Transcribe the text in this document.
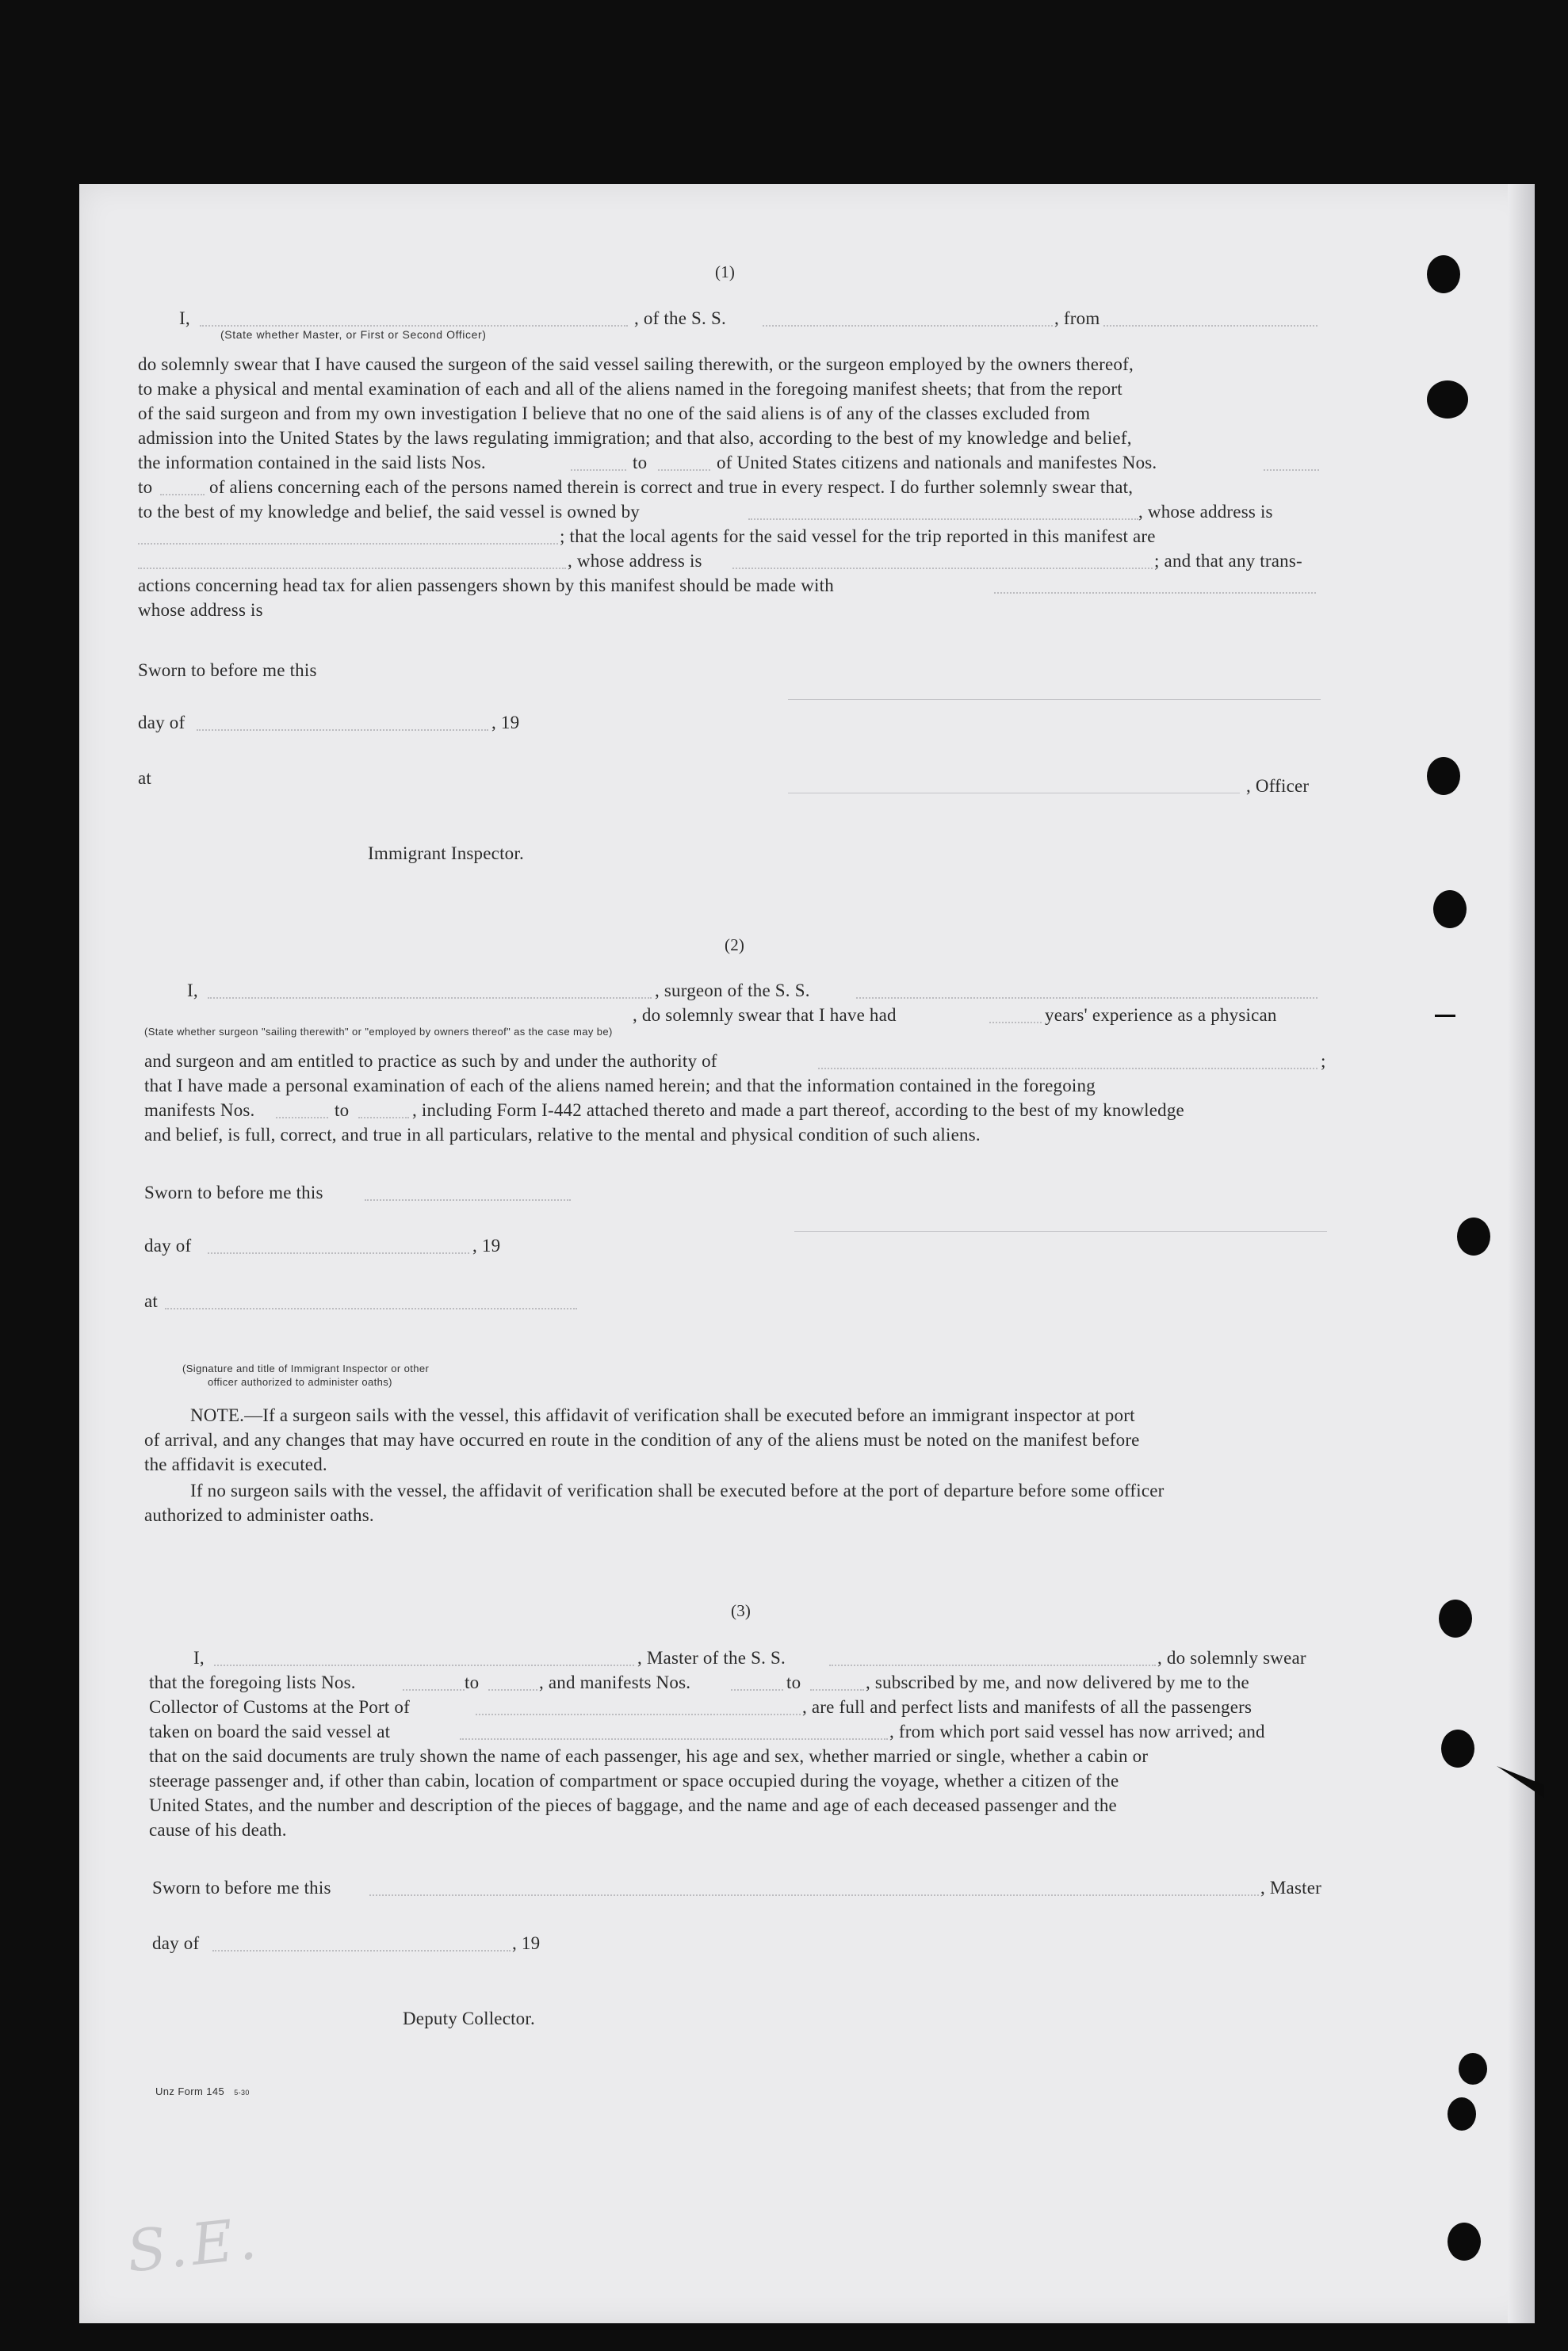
(1)
I,	, of the S. S.	, from
(State whether Master, or First or Second Officer)
do solemnly swear that I have caused the surgeon of the said vessel sailing therewith, or the surgeon employed by the owners thereof,
to make a physical and mental examination of each and all of the aliens named in the foregoing manifest sheets; that from the report
of the said surgeon and from my own investigation I believe that no one of the said aliens is of any of the classes excluded from
admission into the United States by the laws regulating immigration; and that also, according to the best of my knowledge and belief,
the information contained in the said lists Nos.	to	of United States citizens and nationals and manifestes Nos.
to	of aliens concerning each of the persons named therein is correct and true in every respect. I do further solemnly swear that,
to the best of my knowledge and belief, the said vessel is owned by	, whose address is
; that the local agents for the said vessel for the trip reported in this manifest are
, whose address is	; and that any trans-
actions concerning head tax for alien passengers shown by this manifest should be made with
whose address is
Sworn to before me this
day of	, 19
at	, Officer
Immigrant Inspector.
(2)
I,	, surgeon of the S. S.
, do solemnly swear that I have had	years' experience as a physican
(State whether surgeon "sailing therewith" or "employed by owners thereof" as the case may be)
and surgeon and am entitled to practice as such by and under the authority of	;
that I have made a personal examination of each of the aliens named herein; and that the information contained in the foregoing
manifests Nos.	to	, including Form I-442 attached thereto and made a part thereof, according to the best of my knowledge
and belief, is full, correct, and true in all particulars, relative to the mental and physical condition of such aliens.
Sworn to before me this
day of	, 19
at
(Signature and title of Immigrant Inspector or other
officer authorized to administer oaths)
NOTE.—If a surgeon sails with the vessel, this affidavit of verification shall be executed before an immigrant inspector at port
of arrival, and any changes that may have occurred en route in the condition of any of the aliens must be noted on the manifest before
the affidavit is executed.
If no surgeon sails with the vessel, the affidavit of verification shall be executed before at the port of departure before some officer
authorized to administer oaths.
(3)
I,	, Master of the S. S.	, do solemnly swear
that the foregoing lists Nos.	to	, and manifests Nos.	to	, subscribed by me, and now delivered by me to the
Collector of Customs at the Port of	, are full and perfect lists and manifests of all the passengers
taken on board the said vessel at	, from which port said vessel has now arrived; and
that on the said documents are truly shown the name of each passenger, his age and sex, whether married or single, whether a cabin or
steerage passenger and, if other than cabin, location of compartment or space occupied during the voyage, whether a citizen of the
United States, and the number and description of the pieces of baggage, and the name and age of each deceased passenger and the
cause of his death.
Sworn to before me this	, Master
day of	, 19
Deputy Collector.
Unz Form 145 5-30
S.E.
